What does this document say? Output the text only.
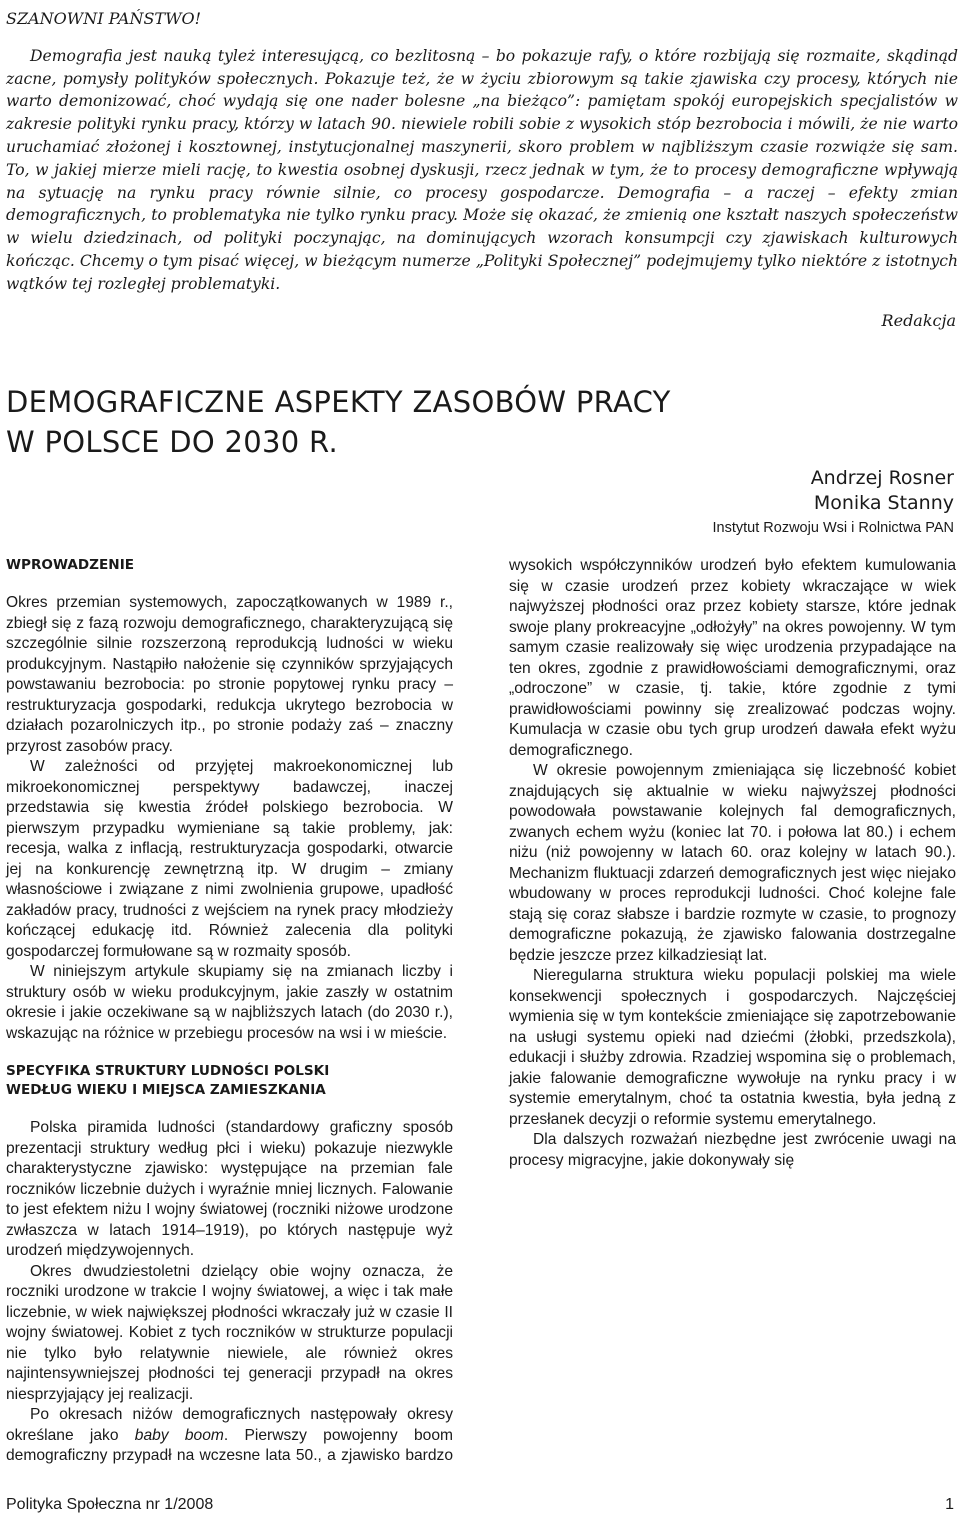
SZANOWNI PAŃSTWO!

Demografia jest nauką tyleż interesującą, co bezlitosną – bo pokazuje rafy, o które rozbijają się rozmaite, skądinąd zacne, pomysły polityków społecznych. Pokazuje też, że w życiu zbiorowym są takie zjawiska czy procesy, których nie warto demonizować, choć wydają się one nader bolesne „na bieżąco”: pamiętam spokój europejskich specjalistów w zakresie polityki rynku pracy, którzy w latach 90. niewiele robili sobie z wysokich stóp bezrobocia i mówili, że nie warto uruchamiać złożonej i kosztownej, instytucjonalnej maszynerii, skoro problem w najbliższym czasie rozwiąże się sam. To, w jakiej mierze mieli rację, to kwestia osobnej dyskusji, rzecz jednak w tym, że to procesy demograficzne wpływają na sytuację na rynku pracy równie silnie, co procesy gospodarcze. Demografia – a raczej – efekty zmian demograficznych, to problematyka nie tylko rynku pracy. Może się okazać, że zmienią one kształt naszych społeczeństw w wielu dziedzinach, od polityki poczynając, na dominujących wzorach konsumpcji czy zjawiskach kulturowych kończąc. Chcemy o tym pisać więcej, w bieżącym numerze „Polityki Społecznej” podejmujemy tylko niektóre z istotnych wątków tej rozległej problematyki.

Redakcja

DEMOGRAFICZNE ASPEKTY ZASOBÓW PRACY
W POLSCE DO 2030 R.
Andrzej Rosner
Monika Stanny
Instytut Rozwoju Wsi i Rolnictwa PAN
WPROWADZENIE

Okres przemian systemowych, zapoczątkowanych w 1989 r., zbiegł się z fazą rozwoju demograficznego, charakteryzującą się szczególnie silnie rozszerzoną reprodukcją ludności w wieku produkcyjnym. Nastąpiło nałożenie się czynników sprzyjających powstawaniu bezrobocia: po stronie popytowej rynku pracy – restrukturyzacja gospodarki, redukcja ukrytego bezrobocia w działach pozarolniczych itp., po stronie podaży zaś – znaczny przyrost zasobów pracy.

W zależności od przyjętej makroekonomicznej lub mikroekonomicznej perspektywy badawczej, inaczej przedstawia się kwestia źródeł polskiego bezrobocia. W pierwszym przypadku wymieniane są takie problemy, jak: recesja, walka z inflacją, restrukturyzacja gospodarki, otwarcie jej na konkurencję zewnętrzną itp. W drugim – zmiany własnościowe i związane z nimi zwolnienia grupowe, upadłość zakładów pracy, trudności z wejściem na rynek pracy młodzieży kończącej edukację itd. Również zalecenia dla polityki gospodarczej formułowane są w rozmaity sposób.

W niniejszym artykule skupiamy się na zmianach liczby i struktury osób w wieku produkcyjnym, jakie zaszły w ostatnim okresie i jakie oczekiwane są w najbliższych latach (do 2030 r.), wskazując na różnice w przebiegu procesów na wsi i w mieście.

SPECYFIKA STRUKTURY LUDNOŚCI POLSKI
WEDŁUG WIEKU I MIEJSCA ZAMIESZKANIA

Polska piramida ludności (standardowy graficzny sposób prezentacji struktury według płci i wieku) pokazuje niezwykle charakterystyczne zjawisko: występujące na przemian fale roczników liczebnie dużych i wyraźnie mniej licznych. Falowanie to jest efektem niżu I wojny światowej (roczniki niżowe urodzone zwłaszcza w latach 1914–1919), po których następuje wyż urodzeń międzywojennych.

Okres dwudziestoletni dzielący obie wojny oznacza, że roczniki urodzone w trakcie I wojny światowej, a więc i tak małe liczebnie, w wiek największej płodności wkraczały już w czasie II wojny światowej. Kobiet z tych roczników w strukturze populacji nie tylko było relatywnie niewiele, ale również okres najintensywniejszej płodności tej generacji przypadł na okres niesprzyjający jej realizacji.

Po okresach niżów demograficznych następowały okresy określane jako baby boom. Pierwszy powojenny boom demograficzny przypadł na wczesne lata 50., a zjawisko bardzo wysokich współczynników urodzeń było efektem kumulowania się w czasie urodzeń przez kobiety wkraczające w wiek najwyższej płodności oraz przez kobiety starsze, które jednak swoje plany prokreacyjne „odłożyły” na okres powojenny. W tym samym czasie realizowały się więc urodzenia przypadające na ten okres, zgodnie z prawidłowościami demograficznymi, oraz „odroczone” w czasie, tj. takie, które zgodnie z tymi prawidłowościami powinny się zrealizować podczas wojny. Kumulacja w czasie obu tych grup urodzeń dawała efekt wyżu demograficznego.

W okresie powojennym zmieniająca się liczebność kobiet znajdujących się aktualnie w wieku najwyższej płodności powodowała powstawanie kolejnych fal demograficznych, zwanych echem wyżu (koniec lat 70. i połowa lat 80.) i echem niżu (niż powojenny w latach 60. oraz kolejny w latach 90.). Mechanizm fluktuacji zdarzeń demograficznych jest więc niejako wbudowany w proces reprodukcji ludności. Choć kolejne fale stają się coraz słabsze i bardzie rozmyte w czasie, to prognozy demograficzne pokazują, że zjawisko falowania dostrzegalne będzie jeszcze przez kilkadziesiąt lat.

Nieregularna struktura wieku populacji polskiej ma wiele konsekwencji społecznych i gospodarczych. Najczęściej wymienia się w tym kontekście zmieniające się zapotrzebowanie na usługi systemu opieki nad dziećmi (żłobki, przedszkola), edukacji i służby zdrowia. Rzadziej wspomina się o problemach, jakie falowanie demograficzne wywołuje na rynku pracy i w systemie emerytalnym, choć ta ostatnia kwestia, była jedną z przesłanek decyzji o reformie systemu emerytalnego.

Dla dalszych rozważań niezbędne jest zwrócenie uwagi na procesy migracyjne, jakie dokonywały się

Polityka Społeczna nr 1/2008	1
